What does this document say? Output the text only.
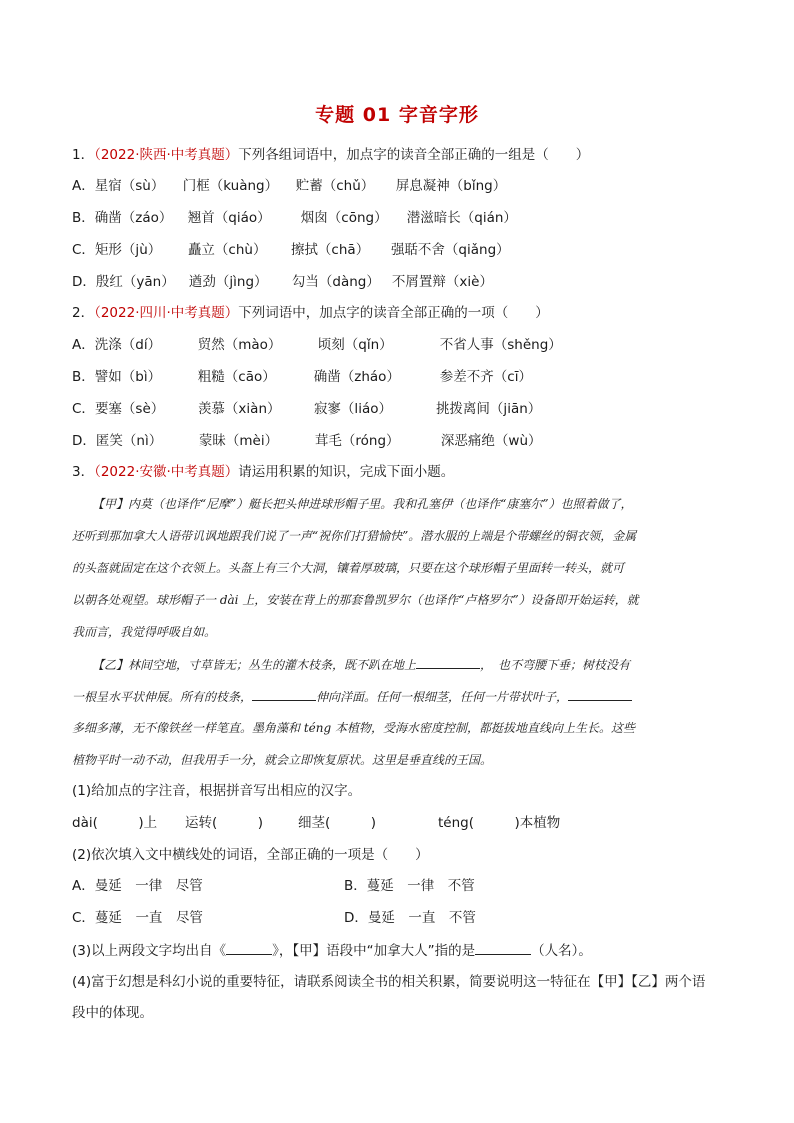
专题 01 字音字形
1．（2022·陕西·中考真题）下列各组词语中，加点字的读音全部正确的一组是（　　）
A．星宿（sù） 门框（kuàng） 贮蓄（chǔ） 屏息凝神（bǐng）
B．确凿（záo） 翘首（qiáo） 烟囱（cōng） 潜滋暗长（qián）
C．矩形（jù） 矗立（chù） 擦拭（chā） 强聒不舍（qiǎng）
D．殷红（yān） 遒劲（jìng） 勾当（dàng） 不屑置辩（xiè）
2．（2022·四川·中考真题）下列词语中，加点字的读音全部正确的一项（　　）
A．洗涤（dí）	贸然（mào）	顷刻（qǐn）	不省人事（shěng）
B．譬如（bì）	粗糙（cāo）	确凿（zháo）	参差不齐（cī）
C．要塞（sè） 羡慕（xiàn） 寂寥（liáo）	挑拨离间（jiān）
D．匿笑（nì）	蒙昧（mèi）	茸毛（róng）	深恶痛绝（wù）
3．（2022·安徽·中考真题）请运用积累的知识，完成下面小题。
【甲】内莫（也译作“尼摩”）艇长把头伸进球形帽子里。我和孔塞伊（也译作“康塞尔”）也照着做了，
还听到那加拿大人语带讥讽地跟我们说了一声“祝你们打猎愉快”。潜水服的上端是个带螺丝的铜衣领，金属
的头盔就固定在这个衣领上。头盔上有三个大洞，镶着厚玻璃，只要在这个球形帽子里面转一转头，就可
以朝各处观望。球形帽子一 dài 上，安装在背上的那套鲁凯罗尔（也译作“卢格罗尔”）设备即开始运转，就
我而言，我觉得呼吸自如。
【乙】林间空地，寸草皆无；丛生的灌木枝条，既不趴在地上	，　也不弯腰下垂；树枝没有
一根呈水平状伸展。所有的枝条，	伸向洋面。任何一根细茎，任何一片带状叶子，
多细多薄，无不像铁丝一样笔直。墨角藻和 téng 本植物，受海水密度控制，都挺拔地直线向上生长。这些
植物平时一动不动，但我用手一分，就会立即恢复原状。这里是垂直线的王国。
(1)给加点的字注音，根据拼音写出相应的汉字。
dài(　　　)上 运转(　　　)	细茎(　　　)	téng(　　　)本植物
(2)依次填入文中横线处的词语，全部正确的一项是（　　）
A．曼延　 一律　 尽管	B．蔓延　 一律　 不管
C．蔓延　 一直　 尽管	D．曼延　 一直　 不管
(3)以上两段文字均出自《	》，【甲】语段中“加拿大人”指的是	（人名）。
(4)富于幻想是科幻小说的重要特征，请联系阅读全书的相关积累，简要说明这一特征在【甲】【乙】两个语
段中的体现。
